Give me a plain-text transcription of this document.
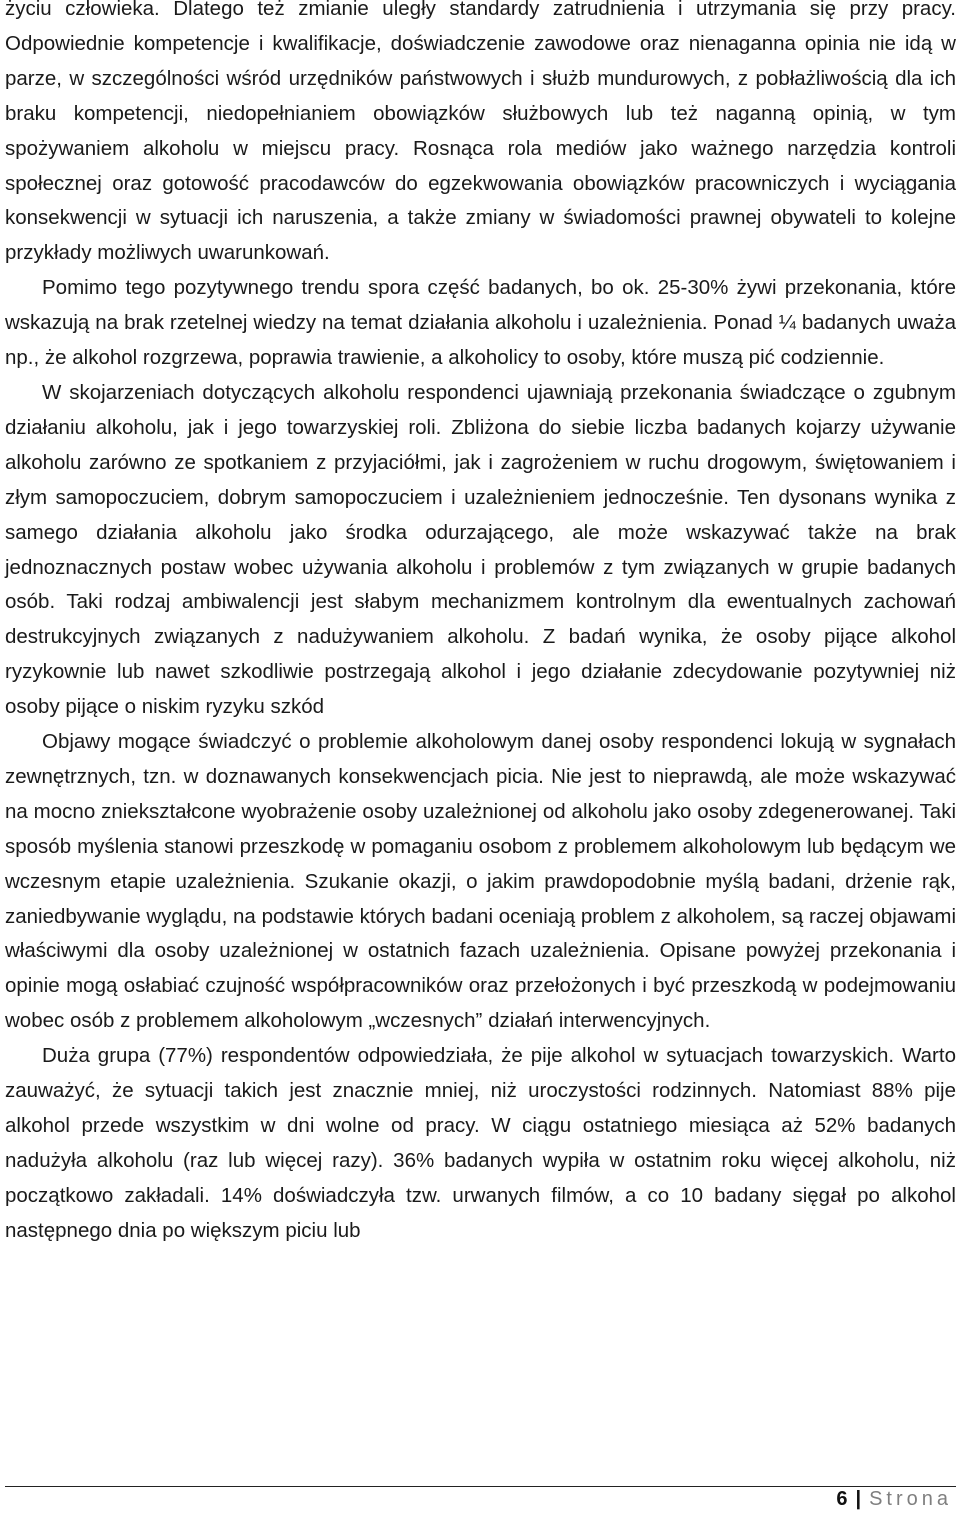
życiu człowieka. Dlatego też zmianie uległy standardy zatrudnienia i utrzymania się przy pracy. Odpowiednie kompetencje i kwalifikacje, doświadczenie zawodowe oraz nienaganna opinia nie idą w parze, w szczególności wśród urzędników państwowych i służb mundurowych, z pobłażliwością dla ich braku kompetencji, niedopełnianiem obowiązków służbowych lub też naganną opinią, w tym spożywaniem alkoholu w miejscu pracy. Rosnąca rola mediów jako ważnego narzędzia kontroli społecznej oraz gotowość pracodawców do egzekwowania obowiązków pracowniczych i wyciągania konsekwencji w sytuacji ich naruszenia, a także zmiany w świadomości prawnej obywateli to kolejne przykłady możliwych uwarunkowań.

Pomimo tego pozytywnego trendu spora część badanych, bo ok. 25-30% żywi przekonania, które wskazują na brak rzetelnej wiedzy na temat działania alkoholu i uzależnienia. Ponad ¼ badanych uważa np., że alkohol rozgrzewa, poprawia trawienie, a alkoholicy to osoby, które muszą pić codziennie.

W skojarzeniach dotyczących alkoholu respondenci ujawniają przekonania świadczące o zgubnym działaniu alkoholu, jak i jego towarzyskiej roli. Zbliżona do siebie liczba badanych kojarzy używanie alkoholu zarówno ze spotkaniem z przyjaciółmi, jak i zagrożeniem w ruchu drogowym, świętowaniem i złym samopoczuciem, dobrym samopoczuciem i uzależnieniem jednocześnie. Ten dysonans wynika z samego działania alkoholu jako środka odurzającego, ale może wskazywać także na brak jednoznacznych postaw wobec używania alkoholu i problemów z tym związanych w grupie badanych osób. Taki rodzaj ambiwalencji jest słabym mechanizmem kontrolnym dla ewentualnych zachowań destrukcyjnych związanych z nadużywaniem alkoholu. Z badań wynika, że osoby pijące alkohol ryzykownie lub nawet szkodliwie postrzegają alkohol i jego działanie zdecydowanie pozytywniej niż osoby pijące o niskim ryzyku szkód

Objawy mogące świadczyć o problemie alkoholowym danej osoby respondenci lokują w sygnałach zewnętrznych, tzn. w doznawanych konsekwencjach picia. Nie jest to nieprawdą, ale może wskazywać na mocno zniekształcone wyobrażenie osoby uzależnionej od alkoholu jako osoby zdegenerowanej. Taki sposób myślenia stanowi przeszkodę w pomaganiu osobom z problemem alkoholowym lub będącym we wczesnym etapie uzależnienia. Szukanie okazji, o jakim prawdopodobnie myślą badani, drżenie rąk, zaniedbywanie wyglądu, na podstawie których badani oceniają problem z alkoholem, są raczej objawami właściwymi dla osoby uzależnionej w ostatnich fazach uzależnienia. Opisane powyżej przekonania i opinie mogą osłabiać czujność współpracowników oraz przełożonych i być przeszkodą w podejmowaniu wobec osób z problemem alkoholowym „wczesnych” działań interwencyjnych.

Duża grupa (77%) respondentów odpowiedziała, że pije alkohol w sytuacjach towarzyskich. Warto zauważyć, że sytuacji takich jest znacznie mniej, niż uroczystości rodzinnych. Natomiast 88% pije alkohol przede wszystkim w dni wolne od pracy. W ciągu ostatniego miesiąca aż 52% badanych nadużyła alkoholu (raz lub więcej razy). 36% badanych wypiła w ostatnim roku więcej alkoholu, niż początkowo zakładali. 14% doświadczyła tzw. urwanych filmów, a co 10 badany sięgał po alkohol następnego dnia po większym piciu lub

6 | Strona
